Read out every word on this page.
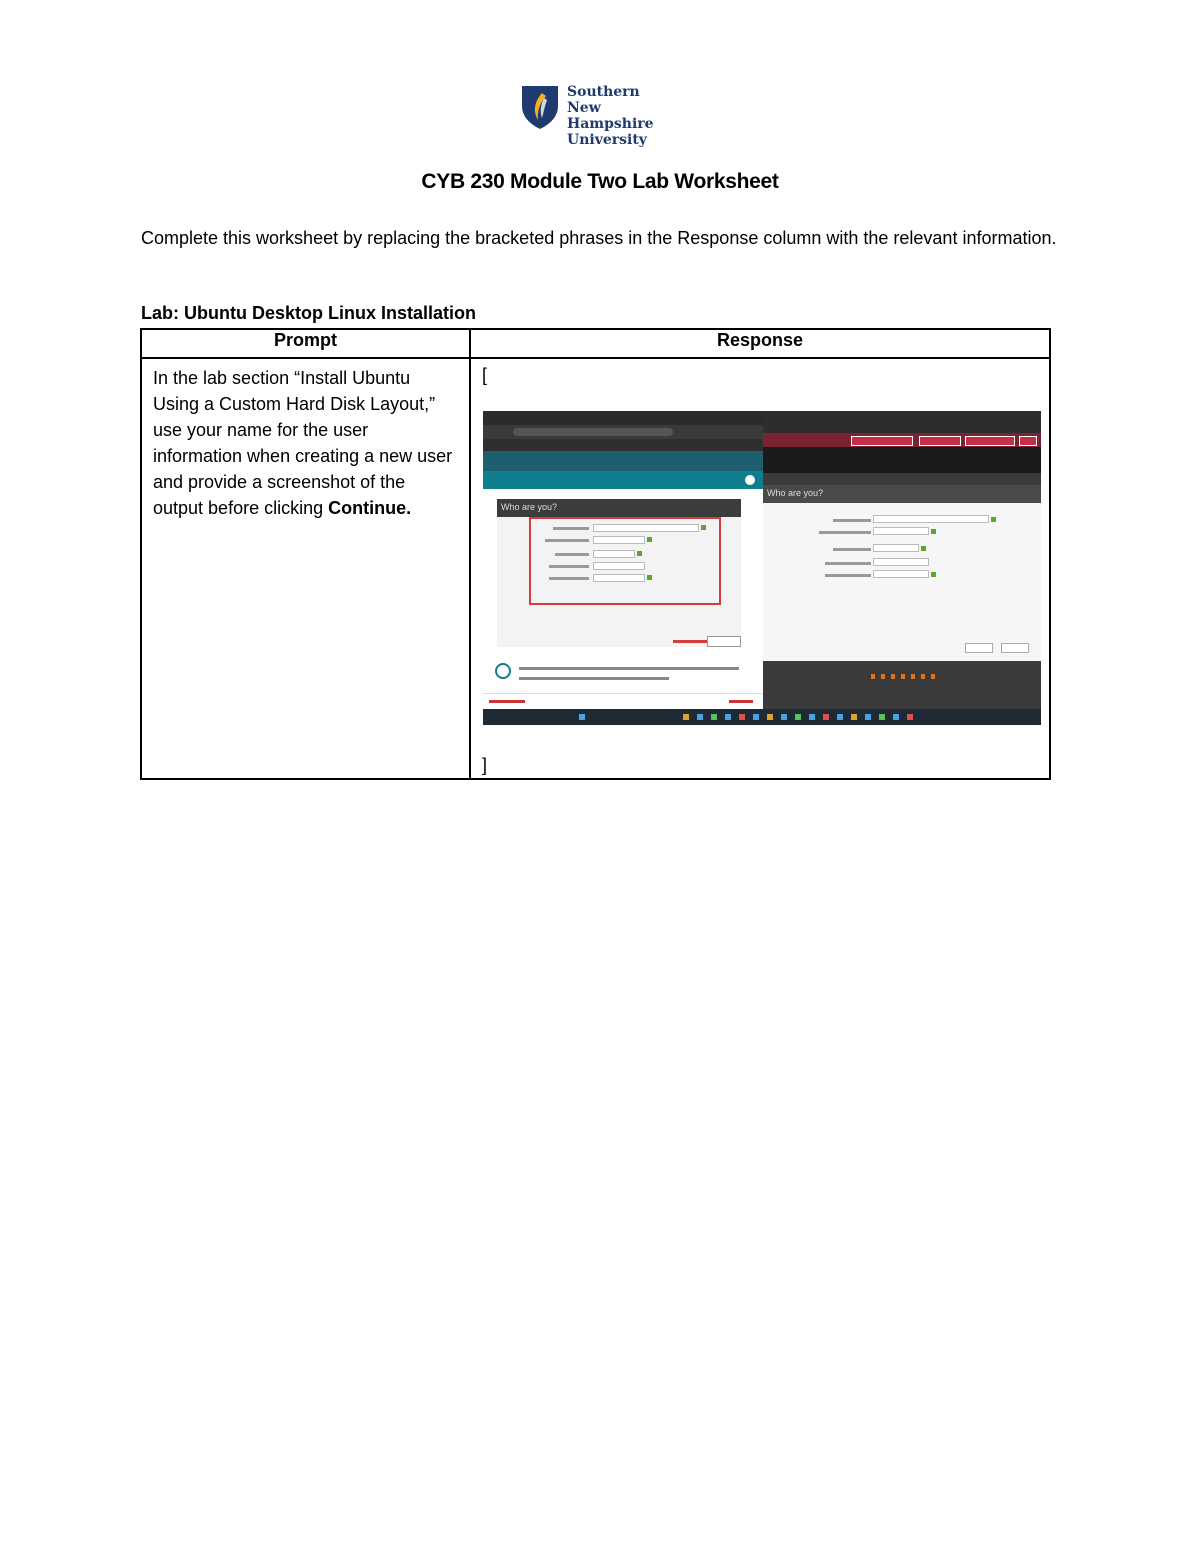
Southern
New Hampshire
University
CYB 230 Module Two Lab Worksheet
Complete this worksheet by replacing the bracketed phrases in the Response column with the relevant information.
Lab: Ubuntu Desktop Linux Installation
Prompt	Response
In the lab section “Install Ubuntu Using a Custom Hard Disk Layout,” use your name for the user information when creating a new user and provide a screenshot of the output before clicking Continue.	[
Who are you?
Who are you?
]
